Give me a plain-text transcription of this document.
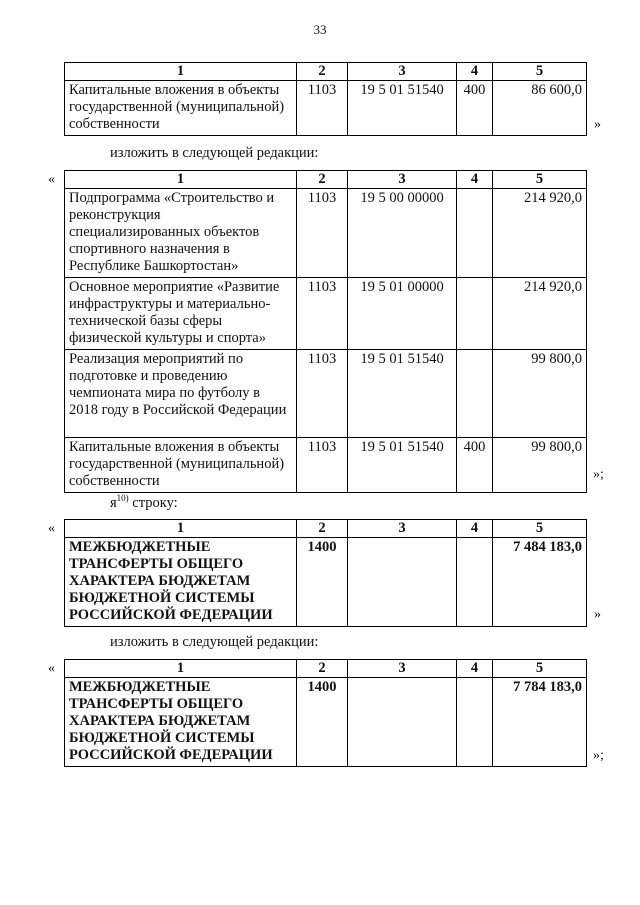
33
1	2	3	4	5
Капитальные вложения в объекты государственной (муниципальной) собственности	1103	19 5 01 51540	400	86 600,0
»
изложить в следующей редакции:
«	1	2	3	4	5
Подпрограмма «Строительство и реконструкция специализированных объектов спортивного назначения в Республике Башкортостан»	1103	19 5 00 00000		214 920,0
Основное мероприятие «Развитие инфраструктуры и материально-технической базы сферы физической культуры и спорта»	1103	19 5 01 00000		214 920,0
Реализация мероприятий по подготовке и проведению чемпионата мира по футболу в 2018 году в Российской Федерации	1103	19 5 01 51540		99 800,0
Капитальные вложения в объекты государственной (муниципальной) собственности	1103	19 5 01 51540	400	99 800,0
»;
$я^{10)}$ строку:
«	1	2	3	4	5
МЕЖБЮДЖЕТНЫЕ ТРАНСФЕРТЫ ОБЩЕГО ХАРАКТЕРА БЮДЖЕТАМ БЮДЖЕТНОЙ СИСТЕМЫ РОССИЙСКОЙ ФЕДЕРАЦИИ	1400			7 484 183,0
»
изложить в следующей редакции:
«	1	2	3	4	5
МЕЖБЮДЖЕТНЫЕ ТРАНСФЕРТЫ ОБЩЕГО ХАРАКТЕРА БЮДЖЕТАМ БЮДЖЕТНОЙ СИСТЕМЫ РОССИЙСКОЙ ФЕДЕРАЦИИ	1400			7 784 183,0
»;
